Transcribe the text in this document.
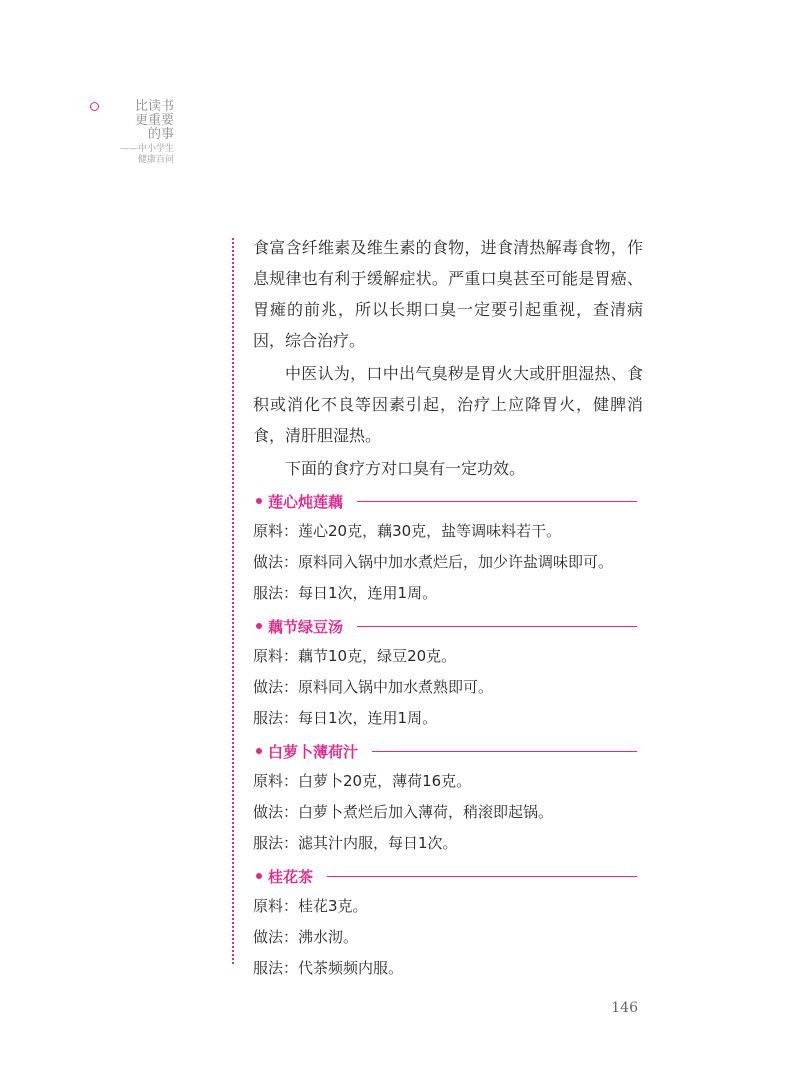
比读书
更重要
的事
——中小学生
健康百问

食富含纤维素及维生素的食物，进食清热解毒食物，作息规律也有利于缓解症状。严重口臭甚至可能是胃癌、胃瘫的前兆，所以长期口臭一定要引起重视，查清病因，综合治疗。

中医认为，口中出气臭秽是胃火大或肝胆湿热、食积或消化不良等因素引起，治疗上应降胃火，健脾消食，清肝胆湿热。

下面的食疗方对口臭有一定功效。

莲心炖莲藕
原料：莲心20克，藕30克，盐等调味料若干。
做法：原料同入锅中加水煮烂后，加少许盐调味即可。
服法：每日1次，连用1周。
藕节绿豆汤
原料：藕节10克，绿豆20克。
做法：原料同入锅中加水煮熟即可。
服法：每日1次，连用1周。
白萝卜薄荷汁
原料：白萝卜20克，薄荷16克。
做法：白萝卜煮烂后加入薄荷，稍滚即起锅。
服法：滤其汁内服，每日1次。
桂花茶
原料：桂花3克。
做法：沸水沏。
服法：代茶频频内服。
146
